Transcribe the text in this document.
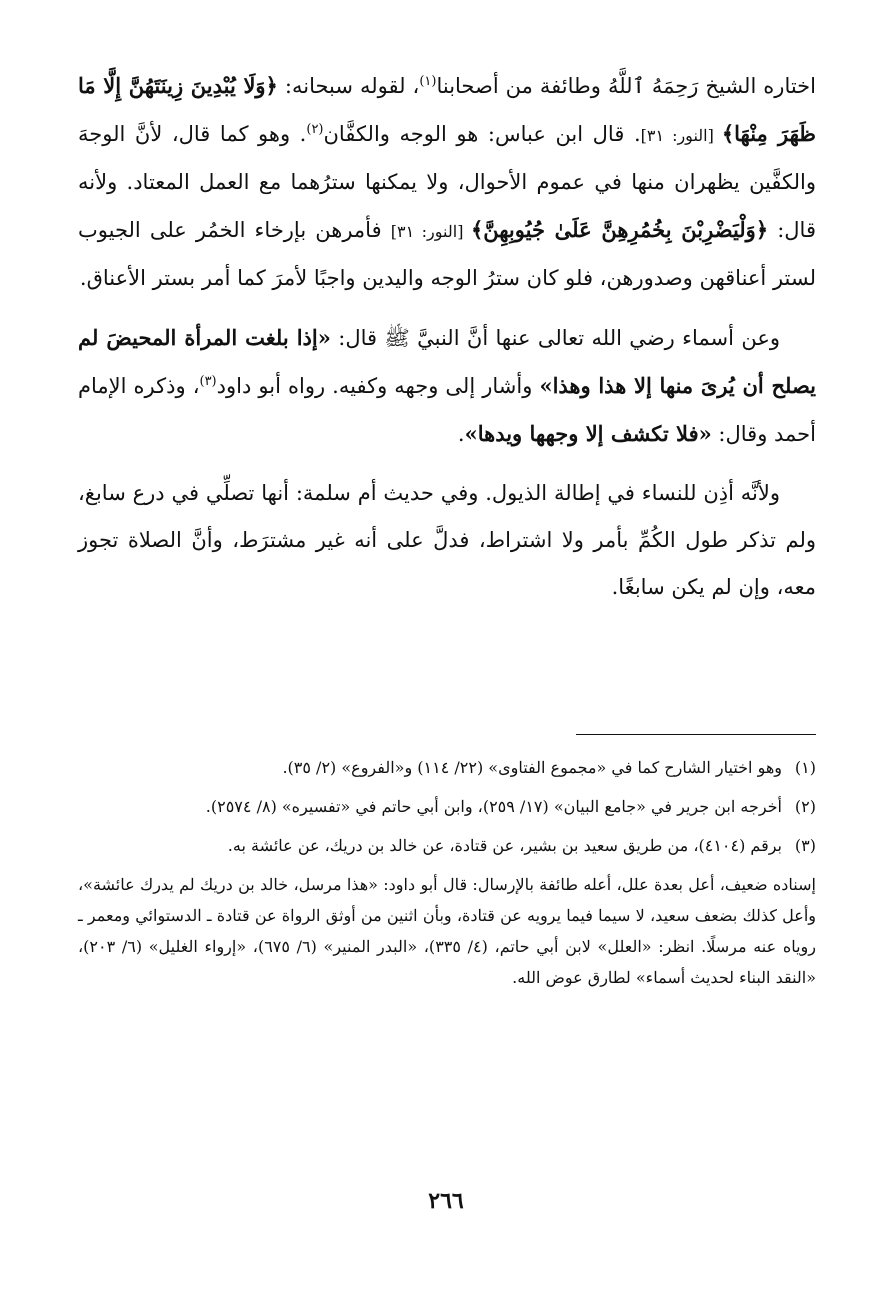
اختاره الشيخ رَحِمَهُ ٱللَّهُ وطائفة من أصحابنا$^{(١)}$، لقوله سبحانه: ﴿وَلَا يُبْدِينَ زِينَتَهُنَّ إِلَّا مَا ظَهَرَ مِنْهَا﴾ [النور: ٣١]. قال ابن عباس: هو الوجه والكفَّان$^{(٢)}$. وهو كما قال، لأنَّ الوجهَ والكفَّين يظهران منها في عموم الأحوال، ولا يمكنها سترُهما مع العمل المعتاد. ولأنه قال: ﴿وَلْيَضْرِبْنَ بِخُمُرِهِنَّ عَلَىٰ جُيُوبِهِنَّ﴾ [النور: ٣١] فأمرهن بإرخاء الخمُر على الجيوب لستر أعناقهن وصدورهن، فلو كان سترُ الوجه واليدين واجبًا لأمرَ كما أمر بستر الأعناق.

وعن أسماء رضي الله تعالى عنها أنَّ النبيَّ ﷺ قال: «إذا بلغت المرأة المحيضَ لم يصلح أن يُرىَ منها إلا هذا وهذا» وأشار إلى وجهه وكفيه. رواه أبو داود$^{(٣)}$، وذكره الإمام أحمد وقال: «فلا تكشف إلا وجهها ويدها».

ولأنَّه أذِن للنساء في إطالة الذيول. وفي حديث أم سلمة: أنها تصلِّي في درع سابغ، ولم تذكر طول الكُمِّ بأمر ولا اشتراط، فدلَّ على أنه غير مشترَط، وأنَّ الصلاة تجوز معه، وإن لم يكن سابغًا.

(١)
وهو اختيار الشارح كما في «مجموع الفتاوى» (٢٢/ ١١٤) و«الفروع» (٢/ ٣٥).
(٢)
أخرجه ابن جرير في «جامع البيان» (١٧/ ٢٥٩)، وابن أبي حاتم في «تفسيره» (٨/ ٢٥٧٤).
(٣)
برقم (٤١٠٤)، من طريق سعيد بن بشير، عن قتادة، عن خالد بن دريك، عن عائشة به.
إسناده ضعيف، أعل بعدة علل، أعله طائفة بالإرسال: قال أبو داود: «هذا مرسل، خالد بن دريك لم يدرك عائشة»، وأعل كذلك بضعف سعيد، لا سيما فيما يرويه عن قتادة، وبأن اثنين من أوثق الرواة عن قتادة ـ الدستوائي ومعمر ـ روياه عنه مرسلًا. انظر: «العلل» لابن أبي حاتم، (٤/ ٣٣٥)، «البدر المنير» (٦/ ٦٧٥)، «إرواء الغليل» (٦/ ٢٠٣)، «النقد البناء لحديث أسماء» لطارق عوض الله.
٢٦٦
